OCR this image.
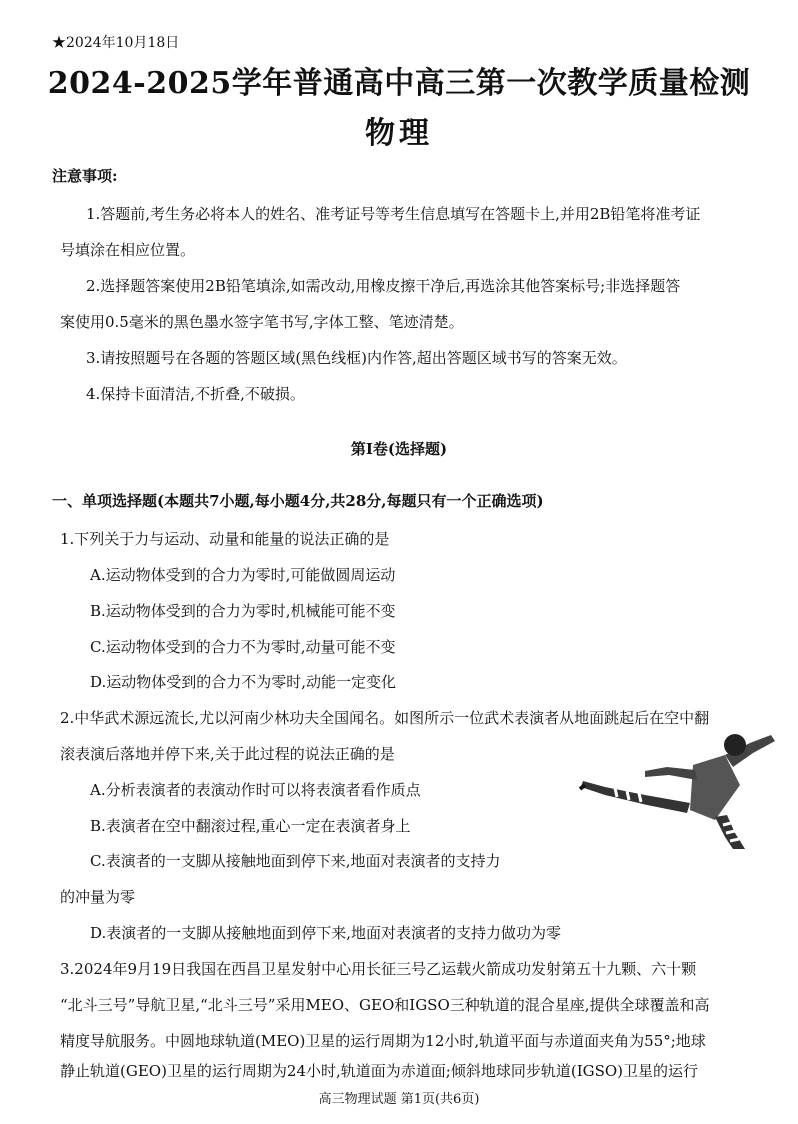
★2024年10月18日
2024-2025学年普通高中高三第一次教学质量检测
物理
注意事项:
1.答题前,考生务必将本人的姓名、准考证号等考生信息填写在答题卡上,并用2B铅笔将准考证
号填涂在相应位置。
2.选择题答案使用2B铅笔填涂,如需改动,用橡皮擦干净后,再选涂其他答案标号;非选择题答
案使用0.5毫米的黑色墨水签字笔书写,字体工整、笔迹清楚。
3.请按照题号在各题的答题区域(黑色线框)内作答,超出答题区域书写的答案无效。
4.保持卡面清洁,不折叠,不破损。
第Ⅰ卷(选择题)
一、单项选择题(本题共7小题,每小题4分,共28分,每题只有一个正确选项)
1.下列关于力与运动、动量和能量的说法正确的是
A.运动物体受到的合力为零时,可能做圆周运动
B.运动物体受到的合力为零时,机械能可能不变
C.运动物体受到的合力不为零时,动量可能不变
D.运动物体受到的合力不为零时,动能一定变化
2.中华武术源远流长,尤以河南少林功夫全国闻名。如图所示一位武术表演者从地面跳起后在空中翻
滚表演后落地并停下来,关于此过程的说法正确的是
A.分析表演者的表演动作时可以将表演者看作质点
B.表演者在空中翻滚过程,重心一定在表演者身上
C.表演者的一支脚从接触地面到停下来,地面对表演者的支持力
的冲量为零
D.表演者的一支脚从接触地面到停下来,地面对表演者的支持力做功为零
3.2024年9月19日我国在西昌卫星发射中心用长征三号乙运载火箭成功发射第五十九颗、六十颗
“北斗三号”导航卫星,“北斗三号”采用MEO、GEO和IGSO三种轨道的混合星座,提供全球覆盖和高
精度导航服务。中圆地球轨道(MEO)卫星的运行周期为12小时,轨道平面与赤道面夹角为55°;地球
静止轨道(GEO)卫星的运行周期为24小时,轨道面为赤道面;倾斜地球同步轨道(IGSO)卫星的运行
高三物理试题 第1页(共6页)
